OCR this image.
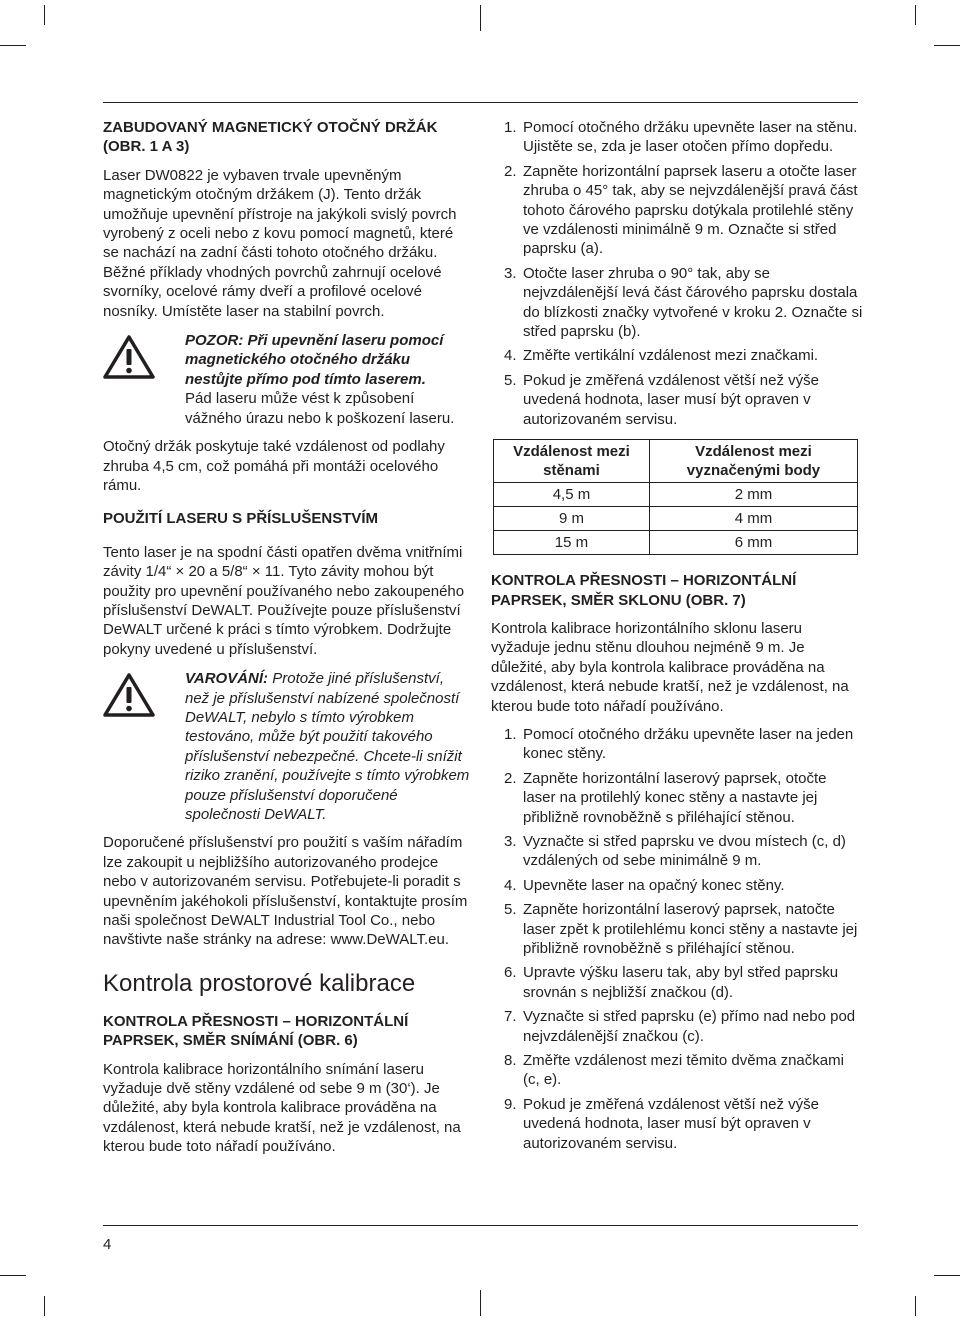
ZABUDOVANÝ MAGNETICKÝ OTOČNÝ DRŽÁK (OBR. 1 A 3)

Laser DW0822 je vybaven trvale upevněným magnetickým otočným držákem (J). Tento držák umožňuje upevnění přístroje na jakýkoli svislý povrch vyrobený z oceli nebo z kovu pomocí magnetů, které se nachází na zadní části tohoto otočného držáku. Běžné příklady vhodných povrchů zahrnují ocelové svorníky, ocelové rámy dveří a profilové ocelové nosníky. Umístěte laser na stabilní povrch.

POZOR: Při upevnění laseru pomocí magnetického otočného držáku nestůjte přímo pod tímto laserem.

Pád laseru může vést k způsobení vážného úrazu nebo k poškození laseru.

Otočný držák poskytuje také vzdálenost od podlahy zhruba 4,5 cm, což pomáhá při montáži ocelového rámu.

POUŽITÍ LASERU S PŘÍSLUŠENSTVÍM

Tento laser je na spodní části opatřen dvěma vnitřními závity 1/4“ × 20 a 5/8“ × 11. Tyto závity mohou být použity pro upevnění používaného nebo zakoupeného příslušenství DeWALT. Používejte pouze příslušenství DeWALT určené k práci s tímto výrobkem. Dodržujte pokyny uvedené u příslušenství.

VAROVÁNÍ: Protože jiné příslušenství, než je příslušenství nabízené společností DeWALT, nebylo s tímto výrobkem testováno, může být použití takového příslušenství nebezpečné. Chcete-li snížit riziko zranění, používejte s tímto výrobkem pouze příslušenství doporučené společnosti DeWALT.

Doporučené příslušenství pro použití s vaším nářadím lze zakoupit u nejbližšího autorizovaného prodejce nebo v autorizovaném servisu. Potřebujete-li poradit s upevněním jakéhokoli příslušenství, kontaktujte prosím naši společnost DeWALT Industrial Tool Co., nebo navštivte naše stránky na adrese: www.DeWALT.eu.

Kontrola prostorové kalibrace

KONTROLA PŘESNOSTI – HORIZONTÁLNÍ PAPRSEK, SMĚR SNÍMÁNÍ (OBR. 6)

Kontrola kalibrace horizontálního snímání laseru vyžaduje dvě stěny vzdálené od sebe 9 m (30‘). Je důležité, aby byla kontrola kalibrace prováděna na vzdálenost, která nebude kratší, než je vzdálenost, na kterou bude toto nářadí používáno.

1. Pomocí otočného držáku upevněte laser na stěnu. Ujistěte se, zda je laser otočen přímo dopředu.
2. Zapněte horizontální paprsek laseru a otočte laser zhruba o 45° tak, aby se nejvzdálenější pravá část tohoto čárového paprsku dotýkala protilehlé stěny ve vzdálenosti minimálně 9 m. Označte si střed paprsku (a).
3. Otočte laser zhruba o 90° tak, aby se nejvzdálenější levá část čárového paprsku dostala do blízkosti značky vytvořené v kroku 2. Označte si střed paprsku (b).
4. Změřte vertikální vzdálenost mezi značkami.
5. Pokud je změřená vzdálenost větší než výše uvedená hodnota, laser musí být opraven v autorizovaném servisu.
Vzdálenost mezi stěnami	Vzdálenost mezi vyznačenými body
4,5 m	2 mm
9 m	4 mm
15 m	6 mm

KONTROLA PŘESNOSTI – HORIZONTÁLNÍ PAPRSEK, SMĚR SKLONU (OBR. 7)

Kontrola kalibrace horizontálního sklonu laseru vyžaduje jednu stěnu dlouhou nejméně 9 m. Je důležité, aby byla kontrola kalibrace prováděna na vzdálenost, která nebude kratší, než je vzdálenost, na kterou bude toto nářadí používáno.

1. Pomocí otočného držáku upevněte laser na jeden konec stěny.
2. Zapněte horizontální laserový paprsek, otočte laser na protilehlý konec stěny a nastavte jej přibližně rovnoběžně s přiléhající stěnou.
3. Vyznačte si střed paprsku ve dvou místech (c, d) vzdálených od sebe minimálně 9 m.
4. Upevněte laser na opačný konec stěny.
5. Zapněte horizontální laserový paprsek, natočte laser zpět k protilehlému konci stěny a nastavte jej přibližně rovnoběžně s přiléhající stěnou.
6. Upravte výšku laseru tak, aby byl střed paprsku srovnán s nejbližší značkou (d).
7. Vyznačte si střed paprsku (e) přímo nad nebo pod nejvzdálenější značkou (c).
8. Změřte vzdálenost mezi těmito dvěma značkami (c, e).
9. Pokud je změřená vzdálenost větší než výše uvedená hodnota, laser musí být opraven v autorizovaném servisu.
4
